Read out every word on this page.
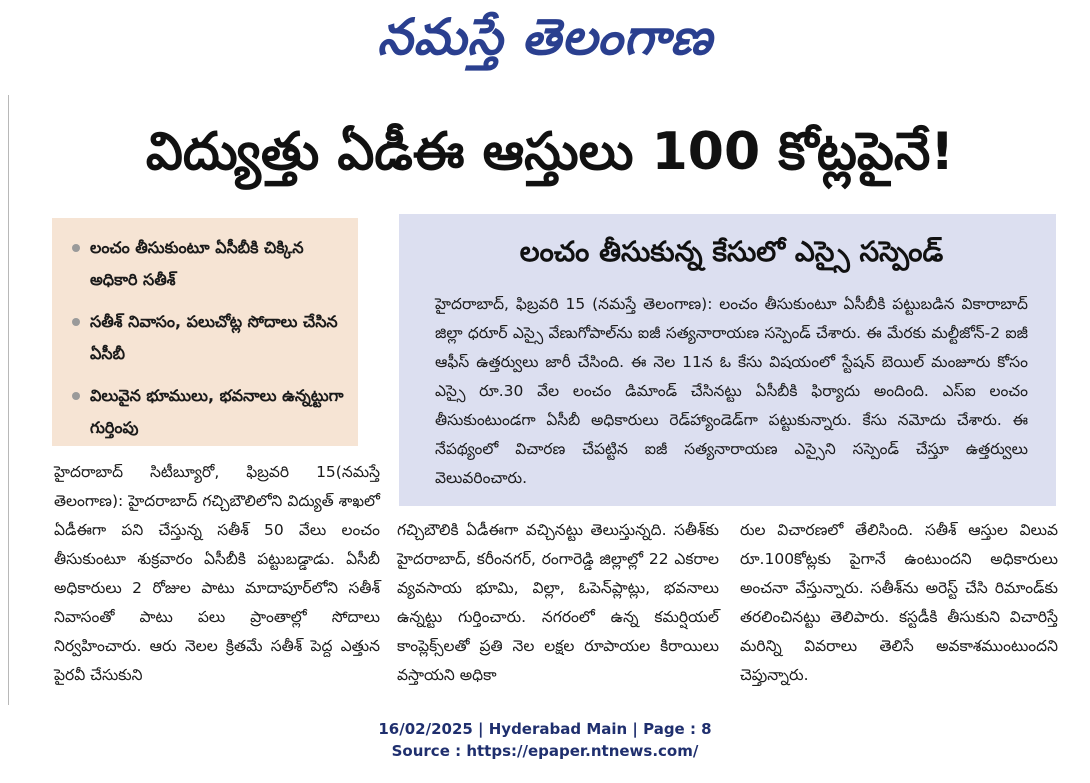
నమస్తే తెలంగాణ
విద్యుత్తు ఏడీఈ ఆస్తులు 100 కోట్లపైనే!
లంచం తీసుకుంటూ ఏసీబీకి చిక్కిన అధికారి సతీశ్
సతీశ్ నివాసం, పలుచోట్ల సోదాలు చేసిన ఏసీబీ
విలువైన భూములు, భవనాలు ఉన్నట్టుగా గుర్తింపు
లంచం తీసుకున్న కేసులో ఎస్సై సస్పెండ్

హైదరాబాద్, ఫిబ్రవరి 15 (నమస్తే తెలంగాణ): లంచం తీసుకుంటూ ఏసీబీకి పట్టుబడిన వికారాబాద్ జిల్లా ధరూర్ ఎస్సై వేణుగోపాల్‌ను ఐజీ సత్యనారాయణ సస్పెండ్ చేశారు. ఈ మేరకు మల్టీజోన్-2 ఐజీ ఆఫీస్ ఉత్తర్వులు జారీ చేసింది. ఈ నెల 11న ఓ కేసు విషయంలో స్టేషన్ బెయిల్ మంజూరు కోసం ఎస్సై రూ.30 వేల లంచం డిమాండ్ చేసినట్టు ఏసీబీకి ఫిర్యాదు అందింది. ఎస్‌ఐ లంచం తీసుకుంటుండగా ఏసీబీ అధికారులు రెడ్‌హ్యాండెడ్‌గా పట్టుకున్నారు. కేసు నమోదు చేశారు. ఈ నేపథ్యంలో విచారణ చేపట్టిన ఐజీ సత్యనారాయణ ఎస్సైని సస్పెండ్ చేస్తూ ఉత్తర్వులు వెలువరించారు.

హైదరాబాద్ సిటీబ్యూరో, ఫిబ్రవరి 15(నమస్తే తెలంగాణ): హైదరాబాద్ గచ్చిబౌలిలోని విద్యుత్ శాఖలో ఏడీఈగా పని చేస్తున్న సతీశ్ 50 వేలు లంచం తీసుకుంటూ శుక్రవారం ఏసీబీకి పట్టుబడ్డాడు. ఏసీబీ అధికారులు 2 రోజుల పాటు మాదాపూర్‌లోని సతీశ్ నివాసంతో పాటు పలు ప్రాంతాల్లో సోదాలు నిర్వహించారు. ఆరు నెలల క్రితమే సతీశ్ పెద్ద ఎత్తున పైరవీ చేసుకుని

గచ్చిబౌలికి ఏడీఈగా వచ్చినట్టు తెలుస్తున్నది. సతీశ్‌కు హైదరాబాద్, కరీంనగర్, రంగారెడ్డి జిల్లాల్లో 22 ఎకరాల వ్యవసాయ భూమి, విల్లా, ఓపెన్‌ప్లాట్లు, భవనాలు ఉన్నట్టు గుర్తించారు. నగరంలో ఉన్న కమర్షియల్ కాంప్లెక్స్‌లతో ప్రతి నెల లక్షల రూపాయల కిరాయిలు వస్తాయని అధికా

రుల విచారణలో తేలిసింది. సతీశ్ ఆస్తుల విలువ రూ.100కోట్లకు పైగానే ఉంటుందని అధికారులు అంచనా వేస్తున్నారు. సతీశ్‌ను అరెస్ట్ చేసి రిమాండ్‌కు తరలించినట్టు తెలిపారు. కస్టడీకి తీసుకుని విచారిస్తే మరిన్ని వివరాలు తెలిసే అవకాశముంటుందని చెప్తున్నారు.

16/02/2025 | Hyderabad Main | Page : 8
Source : https://epaper.ntnews.com/
